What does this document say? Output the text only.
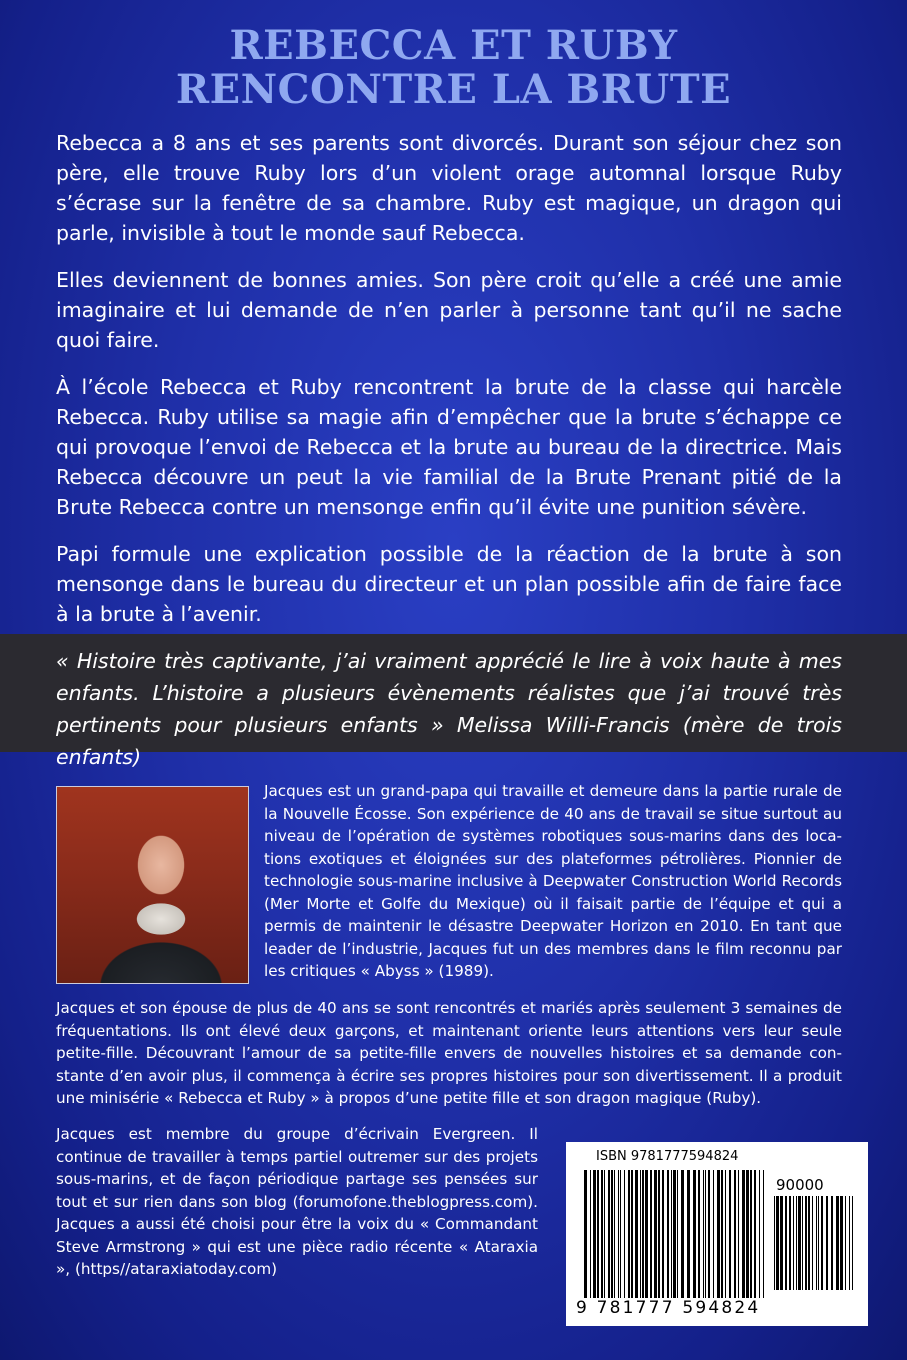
REBECCA ET RUBY
RENCONTRE LA BRUTE

Rebecca a 8 ans et ses parents sont divorcés. Durant son séjour chez son père, elle trouve Ruby lors d’un violent orage automnal lorsque Ruby s’écrase sur la fenêtre de sa chambre. Ruby est magique, un dragon qui parle, invisible à tout le monde sauf Rebecca.

Elles deviennent de bonnes amies. Son père croit qu’elle a créé une amie imaginaire et lui demande de n’en parler à personne tant qu’il ne sache quoi faire.

À l’école Rebecca et Ruby rencontrent la brute de la classe qui harcèle Rebecca. Ruby utilise sa magie afin d’empêcher que la brute s’échappe ce qui provoque l’envoi de Rebecca et la brute au bureau de la directrice. Mais Rebecca découvre un peut la vie familial de la Brute Prenant pitié de la Brute Rebecca contre un mensonge enfin qu’il évite une punition sévère.

Papi formule une explication possible de la réaction de la brute à son mensonge dans le bureau du directeur et un plan possible afin de faire face à la brute à l’avenir.

« Histoire très captivante, j’ai vraiment apprécié le lire à voix haute à mes enfants. L’histoire a plusieurs évènements réalistes que j’ai trouvé très pertinents pour plusieurs enfants » Melissa Willi-Francis (mère de trois enfants)
Jacques est un grand-papa qui travaille et demeure dans la partie rurale de la Nouvelle Écosse. Son expérience de 40 ans de travail se situe surtout au niveau de l’opération de systèmes robotiques sous-marins dans des locations exotiques et éloignées sur des plateformes pétrolières. Pionnier de technologie sous-marine inclusive à Deepwater Construction World Records (Mer Morte et Golfe du Mexique) où il faisait partie de l’équipe et qui a permis de maintenir le désastre Deepwater Horizon en 2010. En tant que leader de l’industrie, Jacques fut un des membres dans le film reconnu par les critiques « Abyss » (1989).
Jacques et son épouse de plus de 40 ans se sont rencontrés et mariés après seulement 3 semaines de fréquentations. Ils ont élevé deux garçons, et maintenant oriente leurs attentions vers leur seule petite-fille. Découvrant l’amour de sa petite-fille envers de nouvelles histoires et sa demande constante d’en avoir plus, il commença à écrire ses propres histoires pour son divertissement. Il a produit une minisérie « Rebecca et Ruby » à propos d’une petite fille et son dragon magique (Ruby).
Jacques est membre du groupe d’écrivain Evergreen. Il continue de travailler à temps partiel outremer sur des projets sous-marins, et de façon périodique partage ses pensées sur tout et sur rien dans son blog (forumofone.theblogpress.com). Jacques a aussi été choisi pour être la voix du « Commandant Steve Armstrong » qui est une pièce radio récente « Ataraxia », (https//ataraxiatoday.com)
ISBN 9781777594824
90000
9 781777 594824
